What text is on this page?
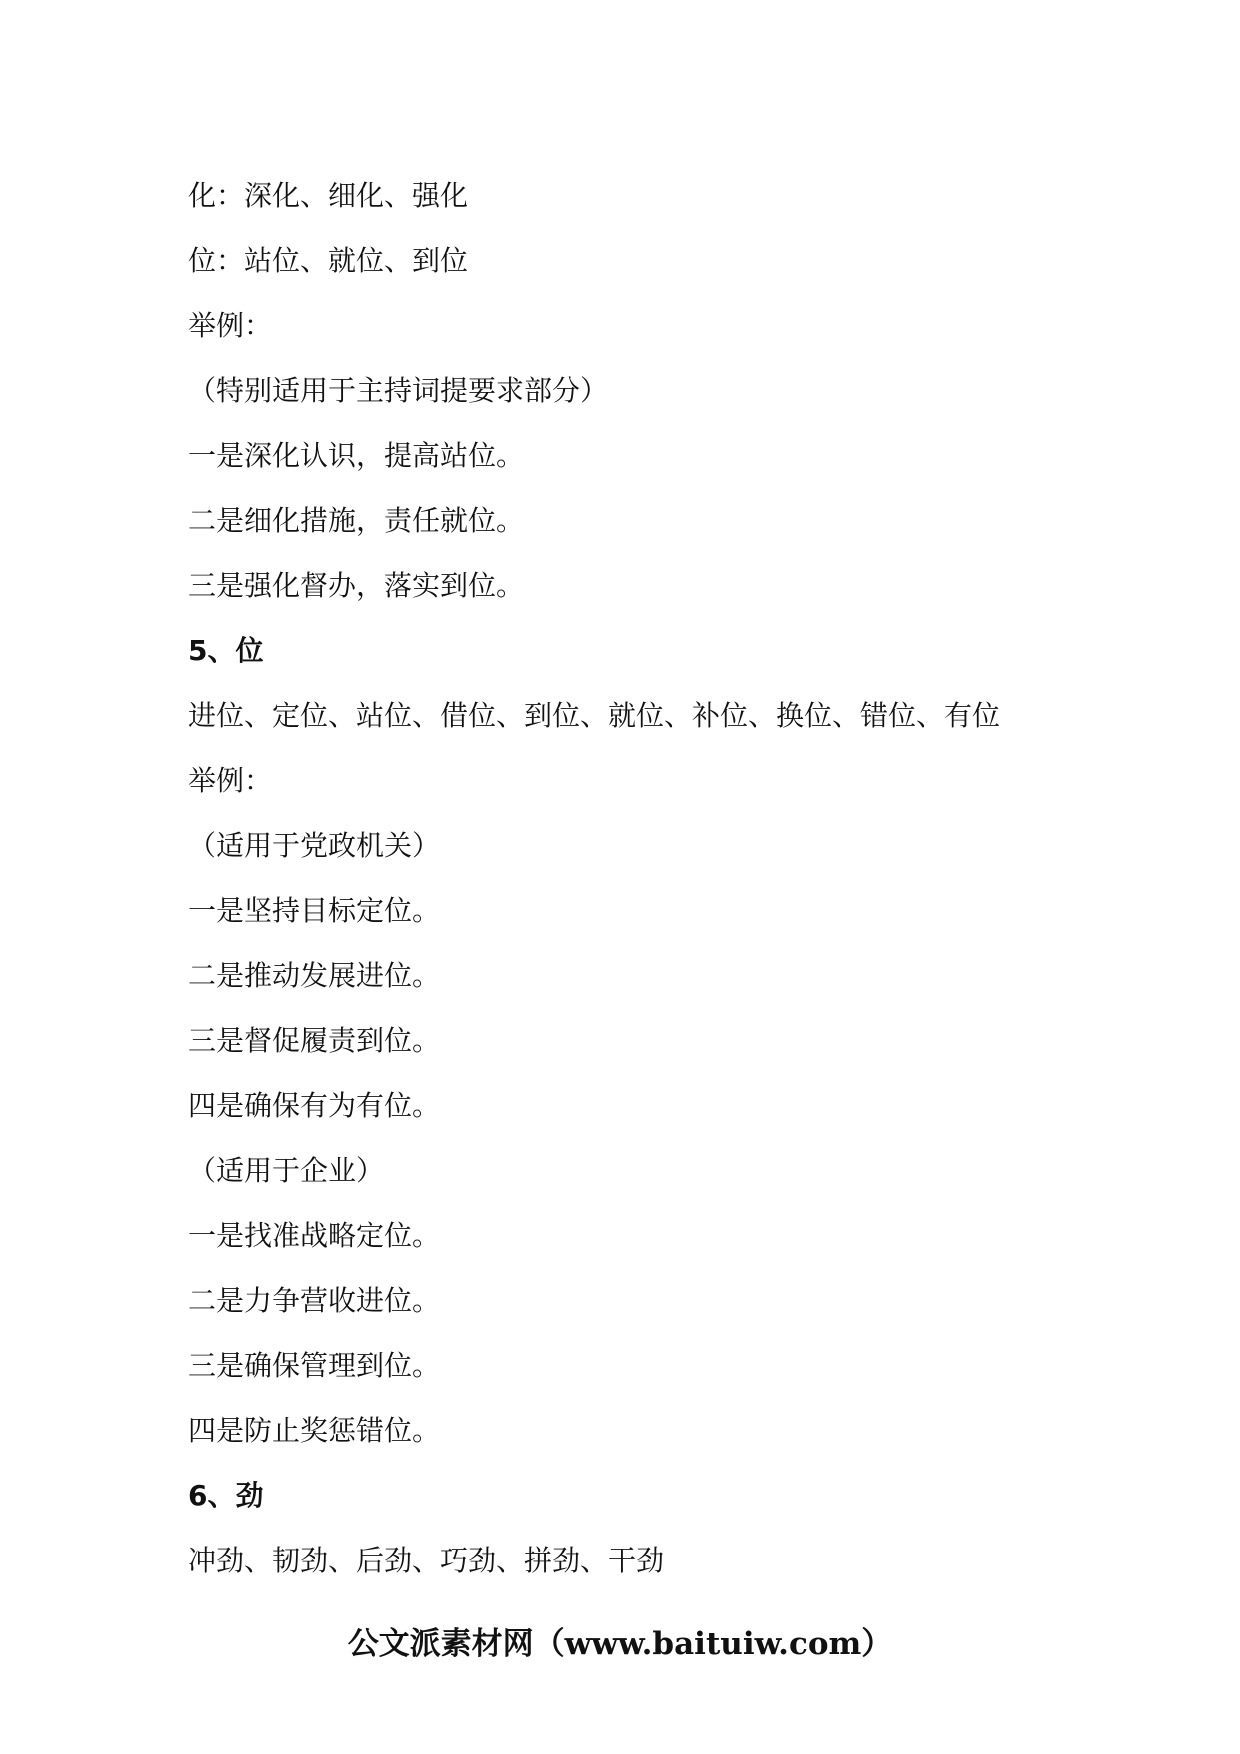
化：深化、细化、强化
位：站位、就位、到位
举例：
（特别适用于主持词提要求部分）
一是深化认识，提高站位。
二是细化措施，责任就位。
三是强化督办，落实到位。
5、位
进位、定位、站位、借位、到位、就位、补位、换位、错位、有位
举例：
（适用于党政机关）
一是坚持目标定位。
二是推动发展进位。
三是督促履责到位。
四是确保有为有位。
（适用于企业）
一是找准战略定位。
二是力争营收进位。
三是确保管理到位。
四是防止奖惩错位。
6、劲
冲劲、韧劲、后劲、巧劲、拼劲、干劲
公文派素材网（www.baituiw.com）
